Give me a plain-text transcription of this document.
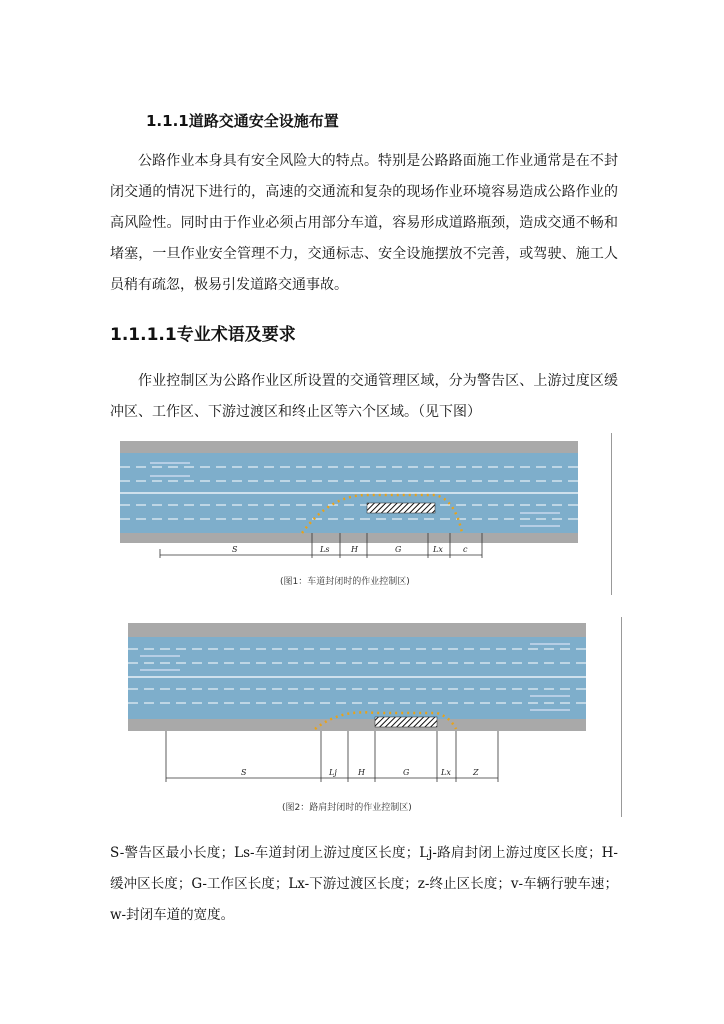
1.1.1道路交通安全设施布置

公路作业本身具有安全风险大的特点。特别是公路路面施工作业通常是在不封闭交通的情况下进行的，高速的交通流和复杂的现场作业环境容易造成公路作业的高风险性。同时由于作业必须占用部分车道，容易形成道路瓶颈，造成交通不畅和堵塞，一旦作业安全管理不力，交通标志、安全设施摆放不完善，或驾驶、施工人员稍有疏忽，极易引发道路交通事故。

1.1.1.1专业术语及要求

作业控制区为公路作业区所设置的交通管理区域，分为警告区、上游过度区缓冲区、工作区、下游过渡区和终止区等六个区域。（见下图）

S	Ls	H	G	Lx	c
(图1：车道封闭时的作业控制区)
S	Lj	H	G	Lx	Z
(图2：路肩封闭时的作业控制区)

S-警告区最小长度；Ls-车道封闭上游过度区长度；Lj-路肩封闭上游过度区长度；H-缓冲区长度；G-工作区长度；Lx-下游过渡区长度；z-终止区长度；v-车辆行驶车速；w-封闭车道的宽度。
